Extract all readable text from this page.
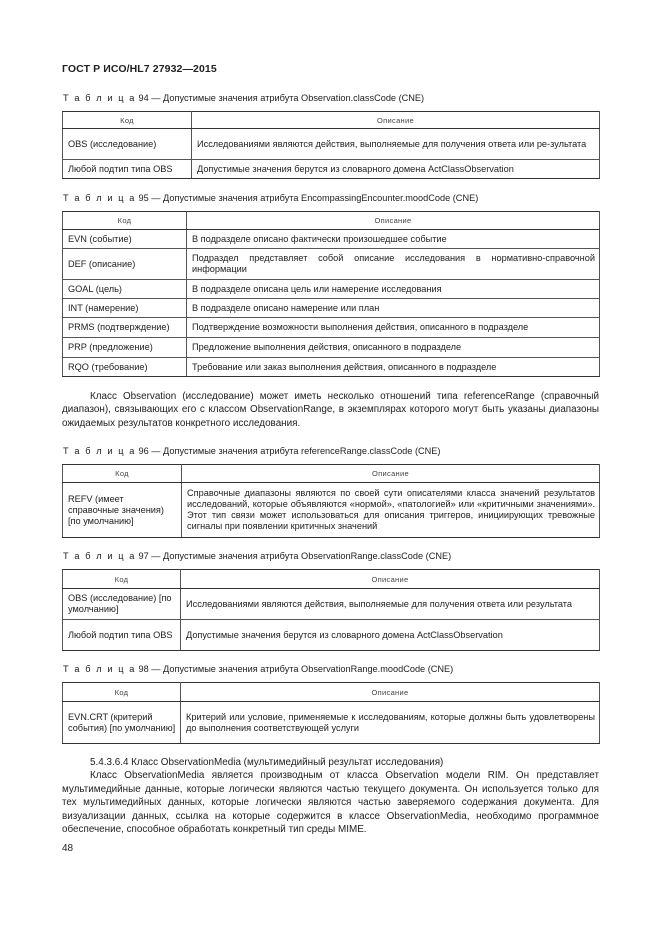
ГОСТ Р ИСО/HL7 27932—2015
Т а б л и ц а 94 — Допустимые значения атрибута Observation.classCode (CNE)
Код	Описание
OBS (исследование)	Исследованиями являются действия, выполняемые для получения ответа или ре-зультата
Любой подтип типа OBS	Допустимые значения берутся из словарного домена ActClassObservation
Т а б л и ц а 95 — Допустимые значения атрибута EncompassingEncounter.moodCode (CNE)
Код	Описание
EVN (событие)	В подразделе описано фактически произошедшее событие
DEF (описание)	Подраздел представляет собой описание исследования в нормативно-справочной информации
GOAL (цель)	В подразделе описана цель или намерение исследования
INT (намерение)	В подразделе описано намерение или план
PRMS (подтверждение)	Подтверждение возможности выполнения действия, описанного в подразделе
PRP (предложение)	Предложение выполнения действия, описанного в подразделе
RQO (требование)	Требование или заказ выполнения действия, описанного в подразделе
Класс Observation (исследование) может иметь несколько отношений типа referenceRange (справочный диапазон), связывающих его с классом ObservationRange, в экземплярах которого могут быть указаны диапазоны ожидаемых результатов конкретного исследования.
Т а б л и ц а 96 — Допустимые значения атрибута referenceRange.classCode (CNE)
Код	Описание
REFV (имеет справочные значения) [по умолчанию]	Справочные диапазоны являются по своей сути описателями класса значений результатов исследований, которые объявляются «нормой», «патологией» или «критичными значениями». Этот тип связи может использоваться для описания триггеров, инициирующих тревожные сигналы при появлении критичных значений
Т а б л и ц а 97 — Допустимые значения атрибута ObservationRange.classCode (CNE)
Код	Описание
OBS (исследование) [по умолчанию]	Исследованиями являются действия, выполняемые для получения ответа или результата
Любой подтип типа OBS	Допустимые значения берутся из словарного домена ActClassObservation
Т а б л и ц а 98 — Допустимые значения атрибута ObservationRange.moodCode (CNE)
Код	Описание
EVN.CRT (критерий события) [по умолчанию]	Критерий или условие, применяемые к исследованиям, которые должны быть удовлетворены до выполнения соответствующей услуги
5.4.3.6.4 Класс ObservationMedia (мультимедийный результат исследования)
Класс ObservationMedia является производным от класса Observation модели RIM. Он представляет мультимедийные данные, которые логически являются частью текущего документа. Он используется только для тех мультимедийных данных, которые логически являются частью заверяемого содержания документа. Для визуализации данных, ссылка на которые содержится в классе ObservationMedia, необходимо программное обеспечение, способное обработать конкретный тип среды MIME.
48
